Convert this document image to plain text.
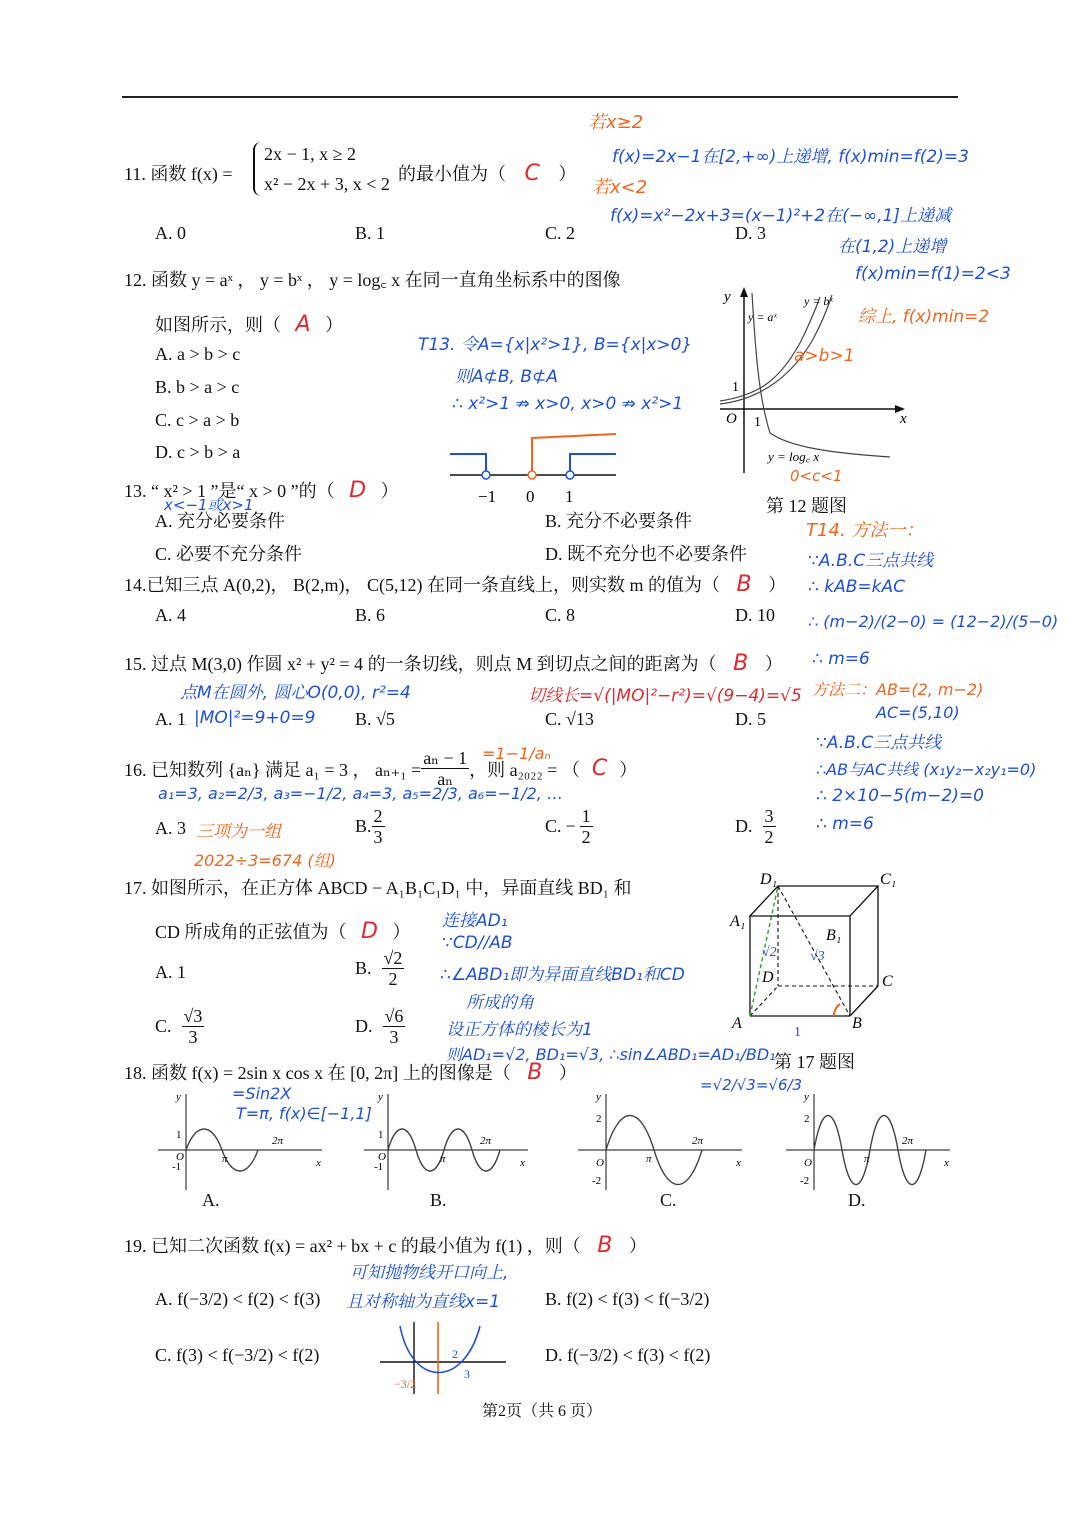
11. 函数 f(x) =
2x − 1, x ≥ 2
x² − 2x + 3, x < 2 的最小值为（ C ）
A. 0	B. 1	C. 2	D. 3
若x≥2
f(x)=2x−1在[2,+∞)上递增, f(x)min=f(2)=3
若x<2
f(x)=x²−2x+3=(x−1)²+2在(−∞,1]上递减
在(1,2)上递增
f(x)min=f(1)=2<3
综上, f(x)min=2
12. 函数 y = aˣ ， y = bˣ ， y = log꜀ x 在同一直角坐标系中的图像
如图所示，则（ A ）
A. a > b > c
B. b > a > c
C. c > a > b
D. c > b > a
y
x
O 1
1
y = aˣ
y = bˣ
y = log꜀ x
第 12 题图
a>b>1
0<c<1
T13. 令A={x|x²>1}, B={x|x>0}
则A⊄B, B⊄A
∴ x²>1 ⇏ x>0, x>0 ⇏ x²>1
−1 0 1
13. “ x² > 1 ”是“ x > 0 ”的（ D ）
x<−1或x>1
A. 充分必要条件	B. 充分不必要条件
C. 必要不充分条件	D. 既不充分也不必要条件
T14. 方法一：
∵A.B.C三点共线
∴ kAB=kAC
∴ (m−2)/(2−0) = (12−2)/(5−0)
∴ m=6
方法二：AB=(2, m−2)
AC=(5,10)
∵A.B.C三点共线
∴AB与AC共线 (x₁y₂−x₂y₁=0)
∴ 2×10−5(m−2)=0
∴ m=6
14.已知三点 A(0,2)， B(2,m)， C(5,12) 在同一条直线上，则实数 m 的值为（ B ）
A. 4	B. 6	C. 8	D. 10
15. 过点 M(3,0) 作圆 x² + y² = 4 的一条切线，则点 M 到切点之间的距离为（ B ）
点M在圆外, 圆心O(0,0), r²=4	切线长=√(|MO|²−r²)=√(9−4)=√5
A. 1 |MO|²=9+0=9 B. √5	C. √13	D. 5
16. 已知数列 {aₙ} 满足 a₁ = 3 ， $a_{n+1} = \frac{\text{aₙ − 1}}{\text{aₙ}}$ ，则 a₂₀₂₂ = （ C ）
=1−1/aₙ
a₁=3, a₂=2/3, a₃=−1/2, a₄=3, a₅=2/3, a₆=−1/2, …
A. 3 三项为一组
2022÷3=674 (组)
B. $\frac{2}{3}$	C. − $\frac{1}{2}$	D. $\frac{3}{2}$
17. 如图所示，在正方体 ABCD − A₁B₁C₁D₁ 中，异面直线 BD₁ 和
CD 所成角的正弦值为（ D ）
A. 1	B. $\frac{√2}{2}$
C. $\frac{√3}{3}$	D. $\frac{√6}{3}$
连接AD₁
∵CD//AB
∴∠ABD₁即为异面直线BD₁和CD
所成的角
设正方体的棱长为1
则AD₁=√2, BD₁=√3, ∴sin∠ABD₁=AD₁/BD₁
=√2/√3=√6/3
D₁	C₁
A₁
B₁
D	C
A	B
√2 √3
1
第 17 题图
18. 函数 f(x) = 2sin x cos x 在 [0, 2π] 上的图像是（ B ）
=Sin2X
T=π, f(x)∈[−1,1]
y
x
O
1
-1
π
2π
y
x
O
1
-1
π
2π
y
x
O
2
-2
π
2π
y
x
O
2
-2
π
2π
A.	B.	C.	D.
19. 已知二次函数 f(x) = ax² + bx + c 的最小值为 f(1) ，则（ B ）
可知抛物线开口向上,
且对称轴为直线x=1
A. f(−3/2) < f(2) < f(3)	B. f(2) < f(3) < f(−3/2)
C. f(3) < f(−3/2) < f(2)	D. f(−3/2) < f(3) < f(2)
−3/2
2
3
第2页（共 6 页）
